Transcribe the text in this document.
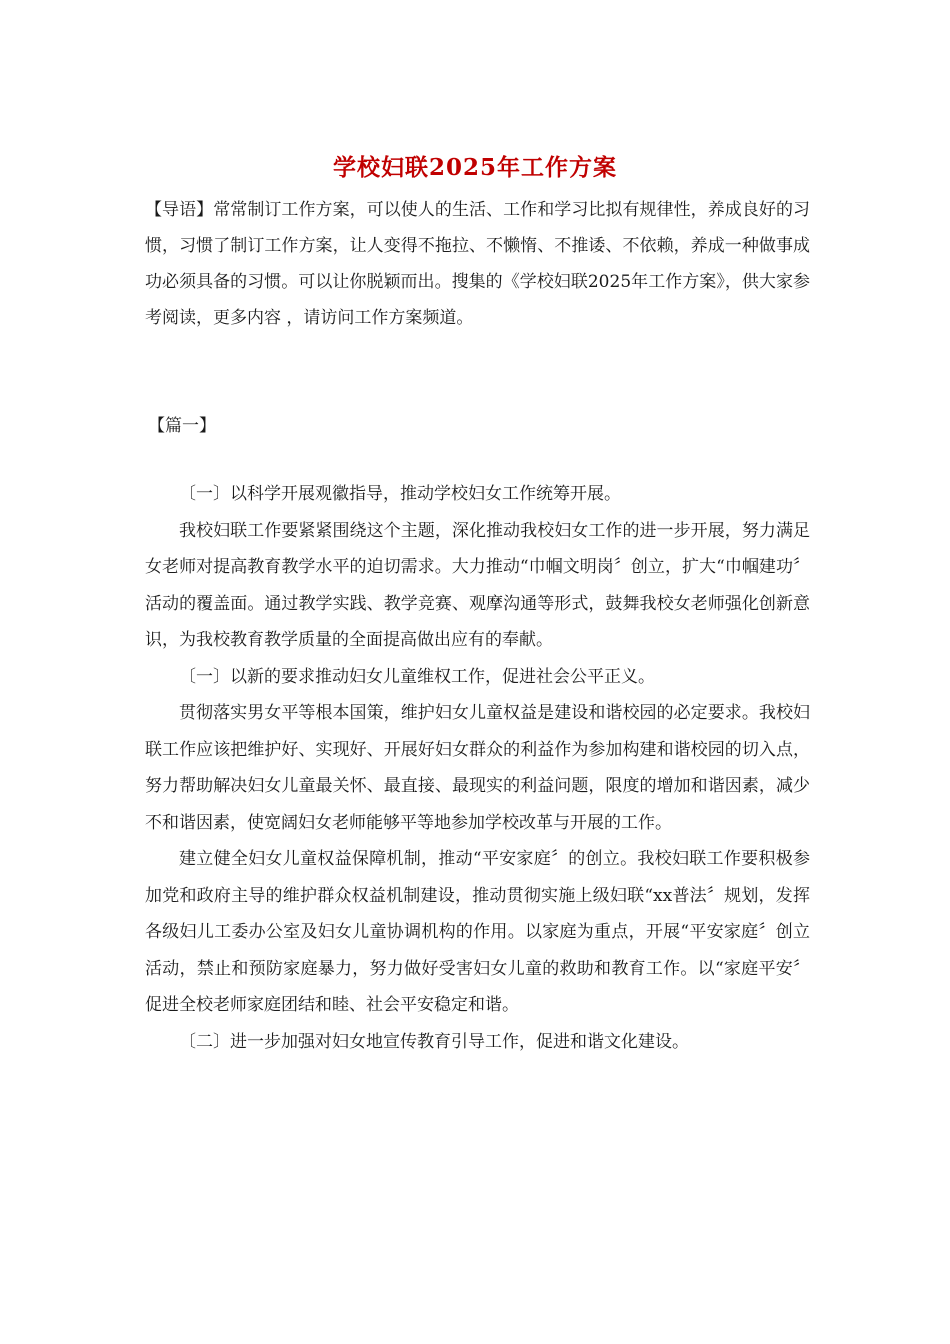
学校妇联2025年工作方案
【导语】常常制订工作方案，可以使人的生活、工作和学习比拟有规律性，养成良好的习惯，习惯了制订工作方案，让人变得不拖拉、不懒惰、不推诿、不依赖，养成一种做事成功必须具备的习惯。可以让你脱颖而出。搜集的《学校妇联2025年工作方案》，供大家参考阅读，更多内容 ，请访问工作方案频道。
【篇一】

〔一〕以科学开展观徽指导，推动学校妇女工作统筹开展。

我校妇联工作要紧紧围绕这个主题，深化推动我校妇女工作的进一步开展，努力满足女老师对提高教育教学水平的迫切需求。大力推动“巾帼文明岗〞创立，扩大“巾帼建功〞活动的覆盖面。通过教学实践、教学竞赛、观摩沟通等形式，鼓舞我校女老师强化创新意识，为我校教育教学质量的全面提高做出应有的奉献。

〔一〕以新的要求推动妇女儿童维权工作，促进社会公平正义。

贯彻落实男女平等根本国策，维护妇女儿童权益是建设和谐校园的必定要求。我校妇联工作应该把维护好、实现好、开展好妇女群众的利益作为参加构建和谐校园的切入点，努力帮助解决妇女儿童最关怀、最直接、最现实的利益问题，限度的增加和谐因素，减少不和谐因素，使宽阔妇女老师能够平等地参加学校改革与开展的工作。

建立健全妇女儿童权益保障机制，推动“平安家庭〞的创立。我校妇联工作要积极参加党和政府主导的维护群众权益机制建设，推动贯彻实施上级妇联“xx普法〞规划，发挥各级妇儿工委办公室及妇女儿童协调机构的作用。以家庭为重点，开展“平安家庭〞创立活动，禁止和预防家庭暴力，努力做好受害妇女儿童的救助和教育工作。以“家庭平安〞促进全校老师家庭团结和睦、社会平安稳定和谐。

〔二〕进一步加强对妇女地宣传教育引导工作，促进和谐文化建设。
